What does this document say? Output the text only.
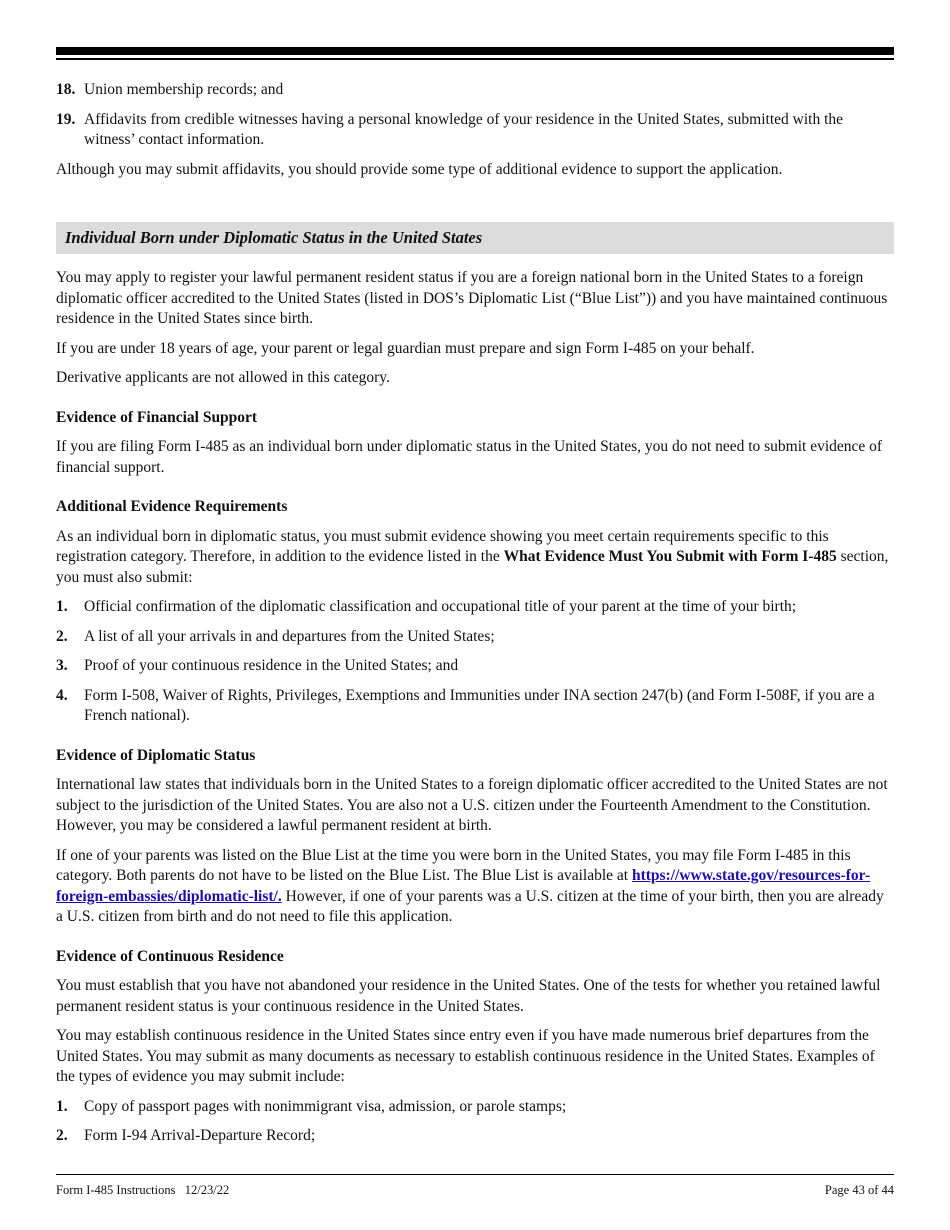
18. Union membership records; and
19. Affidavits from credible witnesses having a personal knowledge of your residence in the United States, submitted with the witness’ contact information.

Although you may submit affidavits, you should provide some type of additional evidence to support the application.

Individual Born under Diplomatic Status in the United States

You may apply to register your lawful permanent resident status if you are a foreign national born in the United States to a foreign diplomatic officer accredited to the United States (listed in DOS’s Diplomatic List (“Blue List”)) and you have maintained continuous residence in the United States since birth.

If you are under 18 years of age, your parent or legal guardian must prepare and sign Form I-485 on your behalf.

Derivative applicants are not allowed in this category.

Evidence of Financial Support

If you are filing Form I-485 as an individual born under diplomatic status in the United States, you do not need to submit evidence of financial support.

Additional Evidence Requirements

As an individual born in diplomatic status, you must submit evidence showing you meet certain requirements specific to this registration category. Therefore, in addition to the evidence listed in the What Evidence Must You Submit with Form I-485 section, you must also submit:

1.	Official confirmation of the diplomatic classification and occupational title of your parent at the time of your birth;
2.	A list of all your arrivals in and departures from the United States;
3.	Proof of your continuous residence in the United States; and
4.	Form I-508, Waiver of Rights, Privileges, Exemptions and Immunities under INA section 247(b) (and Form I-508F, if you are a French national).
Evidence of Diplomatic Status

International law states that individuals born in the United States to a foreign diplomatic officer accredited to the United States are not subject to the jurisdiction of the United States. You are also not a U.S. citizen under the Fourteenth Amendment to the Constitution. However, you may be considered a lawful permanent resident at birth.

If one of your parents was listed on the Blue List at the time you were born in the United States, you may file Form I-485 in this category. Both parents do not have to be listed on the Blue List. The Blue List is available at https://www.state.gov/resources-for-foreign-embassies/diplomatic-list/. However, if one of your parents was a U.S. citizen at the time of your birth, then you are already a U.S. citizen from birth and do not need to file this application.

Evidence of Continuous Residence

You must establish that you have not abandoned your residence in the United States. One of the tests for whether you retained lawful permanent resident status is your continuous residence in the United States.

You may establish continuous residence in the United States since entry even if you have made numerous brief departures from the United States. You may submit as many documents as necessary to establish continuous residence in the United States. Examples of the types of evidence you may submit include:

1.	Copy of passport pages with nonimmigrant visa, admission, or parole stamps;
2.	Form I-94 Arrival-Departure Record;
Form I-485 Instructions   12/23/22	Page 43 of 44
